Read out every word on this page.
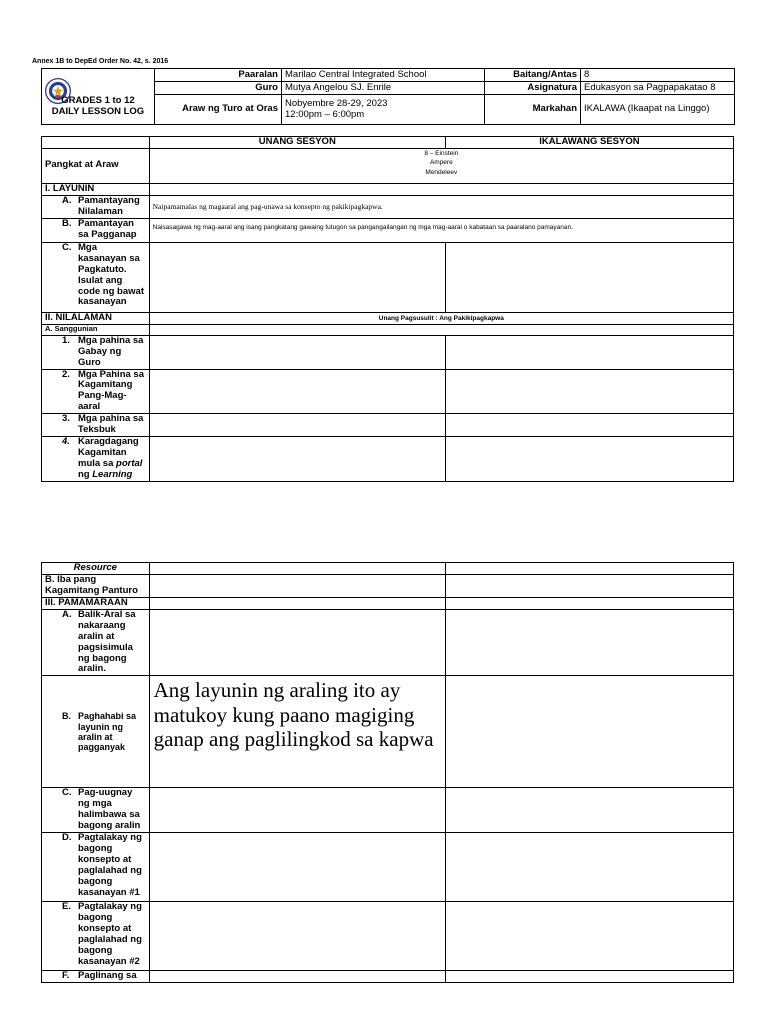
Annex 1B to DepEd Order No. 42, s. 2016
GRADES 1 to 12
DAILY LESSON LOG	Paaralan	Marilao Central Integrated School	Baitang/Antas	8
	Guro	Mutya Angelou SJ. Enrile	Asignatura	Edukasyon sa Pagpapakatao 8
	Araw ng Turo at Oras	Nobyembre 28-29, 2023
12:00pm – 6:00pm	Markahan	IKALAWA (Ikaapat na Linggo)
	UNANG SESYON	IKALAWANG SESYON
Pangkat at Araw	8 – Einstein
Ampere
Mendeleev	

I. LAYUNIN		

A. Pamantayang Nilalaman	Naipamamalas ng magaaral ang pag-unawa sa konsepto ng pakikipagkapwa.	

B. Pamantayan sa Pagganap	Naisasagawa ng mag-aaral ang isang pangkatang gawaing tutugon sa pangangailangan ng mga mag-aaral o kabataan sa paaralano pamayanan.	

C. Mga kasanayan sa Pagkatuto. Isulat ang code ng bawat kasanayan		

II. NILALAMAN	Unang Pagsusulit : Ang Pakikipagkapwa	
A. Sanggunian		

1. Mga pahina sa Gabay ng Guro		

2. Mga Pahina sa Kagamitang Pang-Mag-aaral		

3. Mga pahina sa Teksbuk		

4. Karagdagang Kagamitan mula sa portal ng Learning		

Resource		
B. Iba pang Kagamitang Panturo		
III. PAMAMARAAN		

A. Balik-Aral sa nakaraang aralin at pagsisimula ng bagong aralin.		

B. Paghahabi sa layunin ng aralin at pagganyak	Ang layunin ng araling ito ay matukoy kung paano magiging ganap ang paglilingkod sa kapwa	

C. Pag-uugnay ng mga halimbawa sa bagong aralin		

D. Pagtalakay ng bagong konsepto at paglalahad ng bagong kasanayan #1		

E. Pagtalakay ng bagong konsepto at paglalahad ng bagong kasanayan #2		

F. Paglinang sa		
